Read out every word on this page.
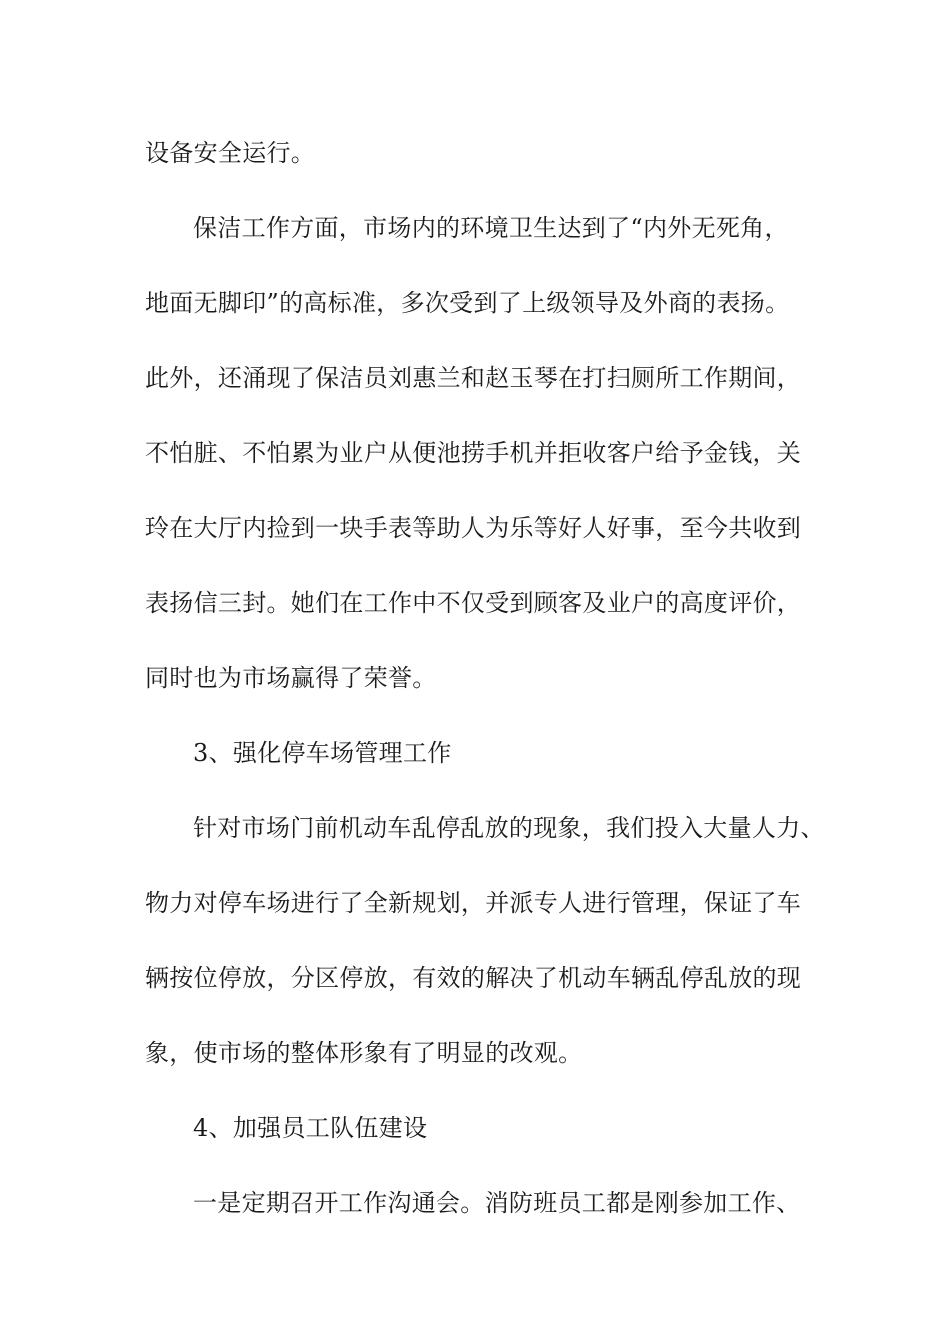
设备安全运行。
保洁工作方面，市场内的环境卫生达到了“内外无死角，
地面无脚印”的高标准，多次受到了上级领导及外商的表扬。
此外，还涌现了保洁员刘惠兰和赵玉琴在打扫厕所工作期间，
不怕脏、不怕累为业户从便池捞手机并拒收客户给予金钱，关
玲在大厅内捡到一块手表等助人为乐等好人好事，至今共收到
表扬信三封。她们在工作中不仅受到顾客及业户的高度评价，
同时也为市场赢得了荣誉。
3、强化停车场管理工作
针对市场门前机动车乱停乱放的现象，我们投入大量人力、
物力对停车场进行了全新规划，并派专人进行管理，保证了车
辆按位停放，分区停放，有效的解决了机动车辆乱停乱放的现
象，使市场的整体形象有了明显的改观。
4、加强员工队伍建设
一是定期召开工作沟通会。消防班员工都是刚参加工作、
